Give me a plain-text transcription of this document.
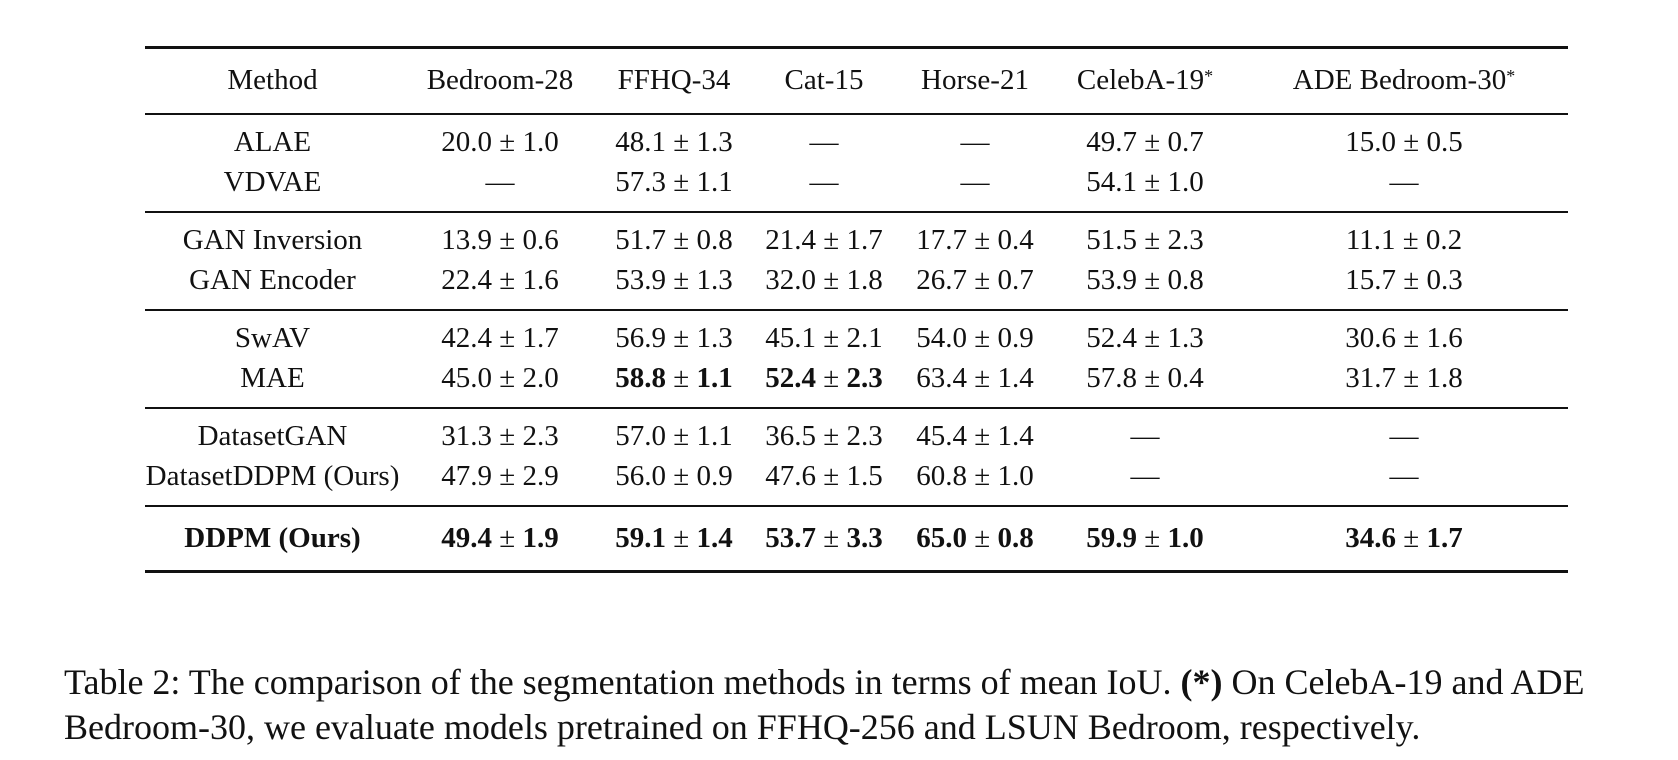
Method	Bedroom-28	FFHQ-34	Cat-15	Horse-21	CelebA-19*	ADE Bedroom-30*
ALAE	20.0 ± 1.0	48.1 ± 1.3	—	—	49.7 ± 0.7	15.0 ± 0.5
VDVAE	—	57.3 ± 1.1	—	—	54.1 ± 1.0	—
GAN Inversion	13.9 ± 0.6	51.7 ± 0.8	21.4 ± 1.7	17.7 ± 0.4	51.5 ± 2.3	11.1 ± 0.2
GAN Encoder	22.4 ± 1.6	53.9 ± 1.3	32.0 ± 1.8	26.7 ± 0.7	53.9 ± 0.8	15.7 ± 0.3
SwAV	42.4 ± 1.7	56.9 ± 1.3	45.1 ± 2.1	54.0 ± 0.9	52.4 ± 1.3	30.6 ± 1.6
MAE	45.0 ± 2.0	58.8 ± 1.1	52.4 ± 2.3	63.4 ± 1.4	57.8 ± 0.4	31.7 ± 1.8
DatasetGAN	31.3 ± 2.3	57.0 ± 1.1	36.5 ± 2.3	45.4 ± 1.4	—	—
DatasetDDPM (Ours)	47.9 ± 2.9	56.0 ± 0.9	47.6 ± 1.5	60.8 ± 1.0	—	—
DDPM (Ours)	49.4 ± 1.9	59.1 ± 1.4	53.7 ± 3.3	65.0 ± 0.8	59.9 ± 1.0	34.6 ± 1.7
Table 2: The comparison of the segmentation methods in terms of mean IoU. (*) On CelebA-19 and ADE Bedroom-30, we evaluate models pretrained on FFHQ-256 and LSUN Bedroom, respectively.
